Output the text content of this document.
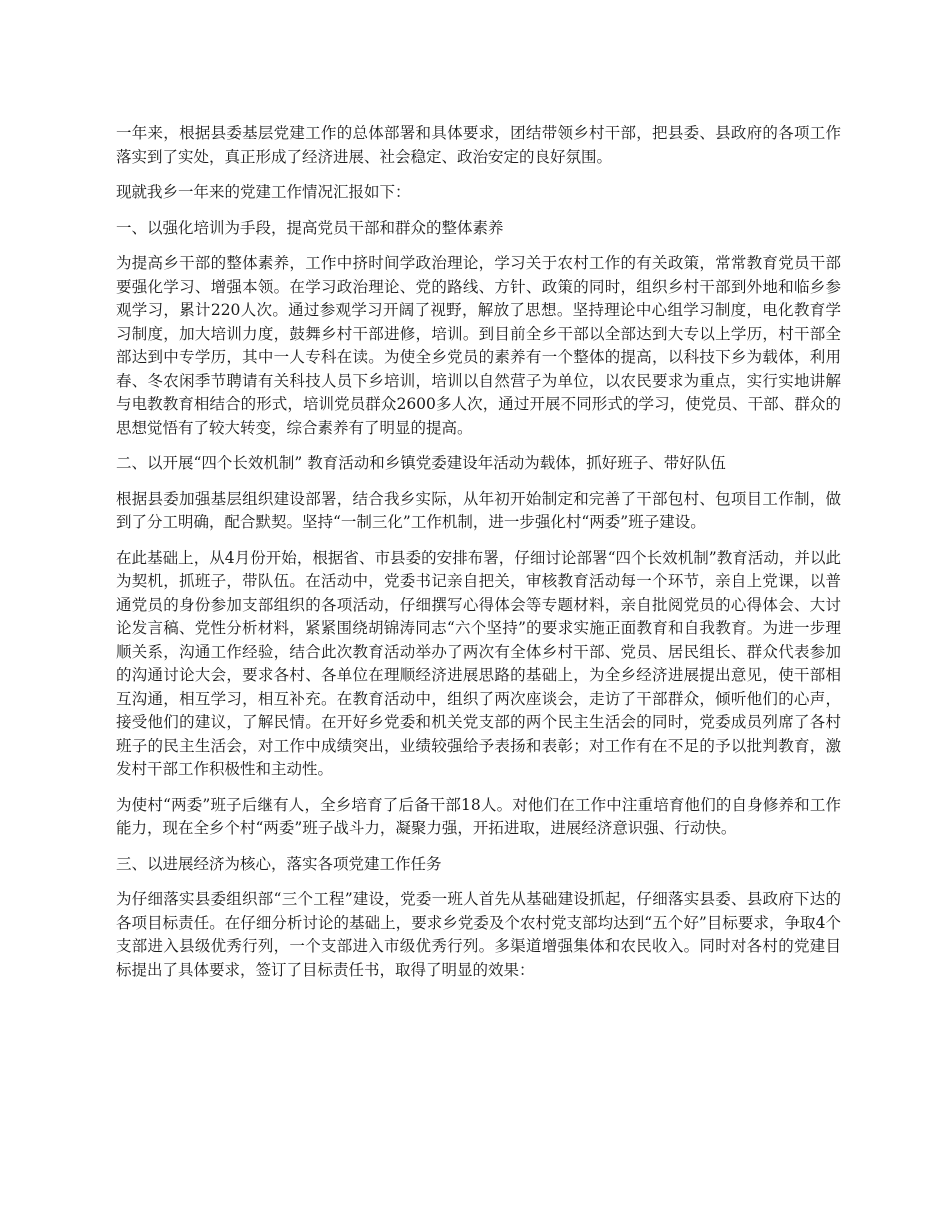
一年来，根据县委基层党建工作的总体部署和具体要求，团结带领乡村干部，把县委、县政府的各项工作落实到了实处，真正形成了经济进展、社会稳定、政治安定的良好氛围。

现就我乡一年来的党建工作情况汇报如下：

一、以强化培训为手段，提高党员干部和群众的整体素养

为提高乡干部的整体素养，工作中挤时间学政治理论，学习关于农村工作的有关政策，常常教育党员干部要强化学习、增强本领。在学习政治理论、党的路线、方针、政策的同时，组织乡村干部到外地和临乡参观学习，累计220人次。通过参观学习开阔了视野，解放了思想。坚持理论中心组学习制度，电化教育学习制度，加大培训力度，鼓舞乡村干部进修，培训。到目前全乡干部以全部达到大专以上学历，村干部全部达到中专学历，其中一人专科在读。为使全乡党员的素养有一个整体的提高，以科技下乡为载体，利用春、冬农闲季节聘请有关科技人员下乡培训，培训以自然营子为单位，以农民要求为重点，实行实地讲解与电教教育相结合的形式，培训党员群众2600多人次，通过开展不同形式的学习，使党员、干部、群众的思想觉悟有了较大转变，综合素养有了明显的提高。

二、以开展“四个长效机制” 教育活动和乡镇党委建设年活动为载体，抓好班子、带好队伍

根据县委加强基层组织建设部署，结合我乡实际，从年初开始制定和完善了干部包村、包项目工作制，做到了分工明确，配合默契。坚持“一制三化”工作机制，进一步强化村“两委”班子建设。

在此基础上，从4月份开始，根据省、市县委的安排布署，仔细讨论部署“四个长效机制”教育活动，并以此为契机，抓班子，带队伍。在活动中，党委书记亲自把关，审核教育活动每一个环节，亲自上党课，以普通党员的身份参加支部组织的各项活动，仔细撰写心得体会等专题材料，亲自批阅党员的心得体会、大讨论发言稿、党性分析材料，紧紧围绕胡锦涛同志“六个坚持”的要求实施正面教育和自我教育。为进一步理顺关系，沟通工作经验，结合此次教育活动举办了两次有全体乡村干部、党员、居民组长、群众代表参加的沟通讨论大会，要求各村、各单位在理顺经济进展思路的基础上，为全乡经济进展提出意见，使干部相互沟通，相互学习，相互补充。在教育活动中，组织了两次座谈会，走访了干部群众，倾听他们的心声，接受他们的建议，了解民情。在开好乡党委和机关党支部的两个民主生活会的同时，党委成员列席了各村班子的民主生活会，对工作中成绩突出，业绩较强给予表扬和表彰；对工作有在不足的予以批判教育，激发村干部工作积极性和主动性。

为使村“两委”班子后继有人，全乡培育了后备干部18人。对他们在工作中注重培育他们的自身修养和工作能力，现在全乡个村“两委”班子战斗力，凝聚力强，开拓进取，进展经济意识强、行动快。

三、以进展经济为核心，落实各项党建工作任务

为仔细落实县委组织部“三个工程”建设，党委一班人首先从基础建设抓起，仔细落实县委、县政府下达的各项目标责任。在仔细分析讨论的基础上，要求乡党委及个农村党支部均达到“五个好”目标要求，争取4个支部进入县级优秀行列，一个支部进入市级优秀行列。多渠道增强集体和农民收入。同时对各村的党建目标提出了具体要求，签订了目标责任书，取得了明显的效果：
